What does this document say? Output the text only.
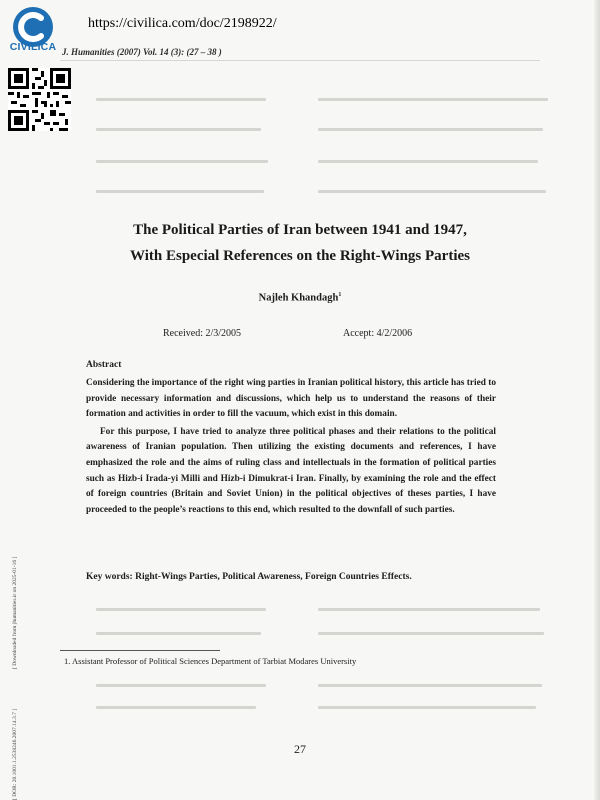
CIVILICA
https://civilica.com/doc/2198922/
J. Humanities (2007) Vol. 14 (3): (27 – 38 )
The Political Parties of Iran between 1941 and 1947,
With Especial References on the Right-Wings Parties
Najleh Khandagh$^1$
Received: 2/3/2005	Accept: 4/2/2006
Abstract

Considering the importance of the right wing parties in Iranian political history, this article has tried to provide necessary information and discussions, which help us to understand the reasons of their formation and activities in order to fill the vacuum, which exist in this domain.

For this purpose, I have tried to analyze three political phases and their relations to the political awareness of Iranian population. Then utilizing the existing documents and references, I have emphasized the role and the aims of ruling class and intellectuals in the formation of political parties such as Hizb-i Irada-yi Milli and Hizb-i Dimukrat-i Iran. Finally, by examining the role and the effect of foreign countries (Britain and Soviet Union) in the political objectives of theses parties, I have proceeded to the people’s reactions to this end, which resulted to the downfall of such parties.

Key words: Right-Wings Parties, Political Awareness, Foreign Countries Effects.
1. Assistant Professor of Political Sciences Department of Tarbiat Modares University
27
[ DOR: 20.1001.1.2538246.2007.14.3.7 ][ Downloaded from jhumanities.ir on 2025-01-16 ]
